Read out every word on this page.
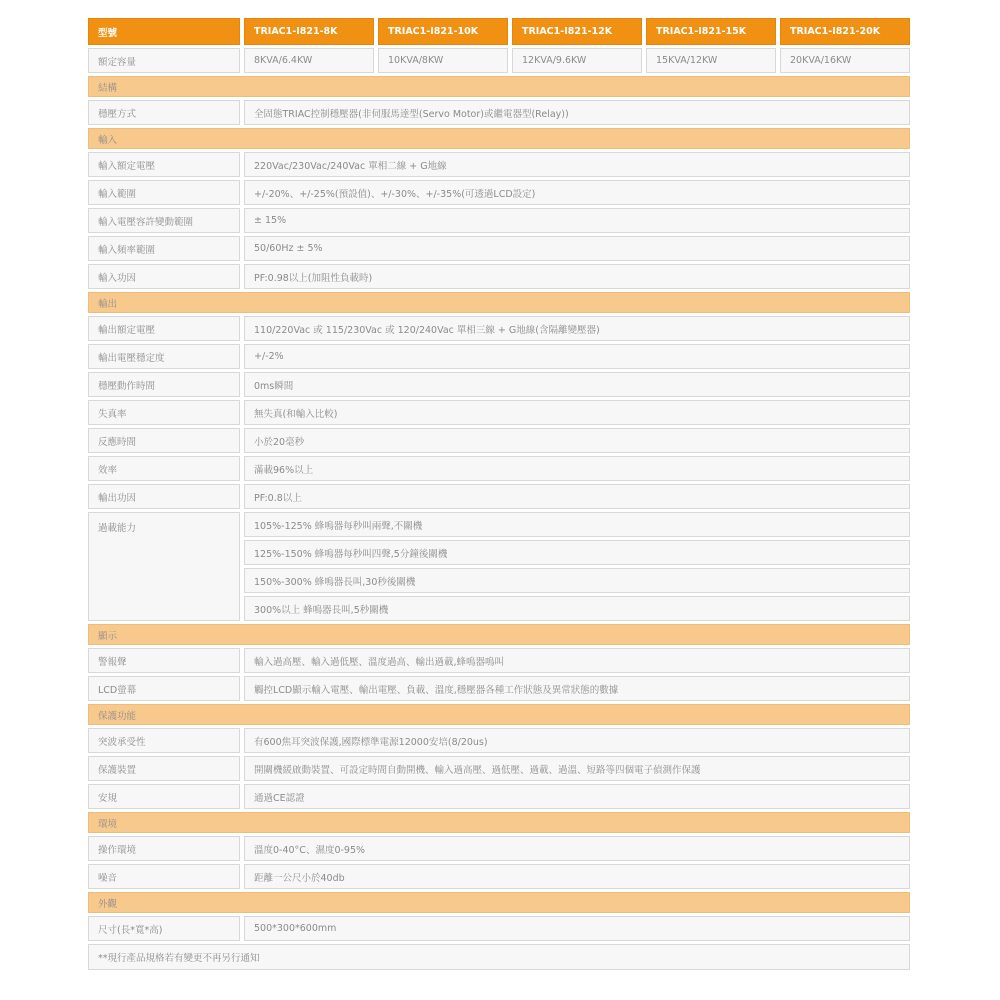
型號	TRIAC1-I821-8K	TRIAC1-I821-10K	TRIAC1-I821-12K	TRIAC1-I821-15K	TRIAC1-I821-20K
額定容量	8KVA/6.4KW	10KVA/8KW	12KVA/9.6KW	15KVA/12KW	20KVA/16KW
結構					
穩壓方式	全固態TRIAC控制穩壓器(非伺服馬達型(Servo Motor)或繼電器型(Relay))				
輸入					
輸入額定電壓	220Vac/230Vac/240Vac 單相二線 + G地線				
輸入範圍	+/-20%、+/-25%(預設值)、+/-30%、+/-35%(可透過LCD設定)				
輸入電壓容許變動範圍	± 15%				
輸入頻率範圍	50/60Hz ± 5%				
輸入功因	PF:0.98以上(加阻性負載時)				
輸出					
輸出額定電壓	110/220Vac 或 115/230Vac 或 120/240Vac 單相三線 + G地線(含隔離變壓器)				
輸出電壓穩定度	+/-2%				
穩壓動作時間	0ms瞬間				
失真率	無失真(和輸入比較)				
反應時間	小於20毫秒				
效率	滿載96%以上				
輸出功因	PF:0.8以上				
過載能力	105%-125% 蜂鳴器每秒叫兩聲,不關機				
	125%-150% 蜂鳴器每秒叫四聲,5分鐘後關機				
	150%-300% 蜂鳴器長叫,30秒後關機				
	300%以上 蜂鳴器長叫,5秒關機				
顯示					
警報聲	輸入過高壓、輸入過低壓、溫度過高、輸出過載,蜂鳴器鳴叫				
LCD螢幕	觸控LCD顯示輸入電壓、輸出電壓、負載、溫度,穩壓器各種工作狀態及異常狀態的數據				
保護功能					
突波承受性	有600焦耳突波保護,國際標準電源12000安培(8/20us)				
保護裝置	開關機緩啟動裝置、可設定時間自動開機、輸入過高壓、過低壓、過載、過溫、短路等四個電子偵測作保護				
安規	通過CE認證				
環境					
操作環境	溫度0-40°C、濕度0-95%				
噪音	距離一公尺小於40db				
外觀					
尺寸(長*寬*高)	500*300*600mm				
**現行產品規格若有變更不再另行通知					
